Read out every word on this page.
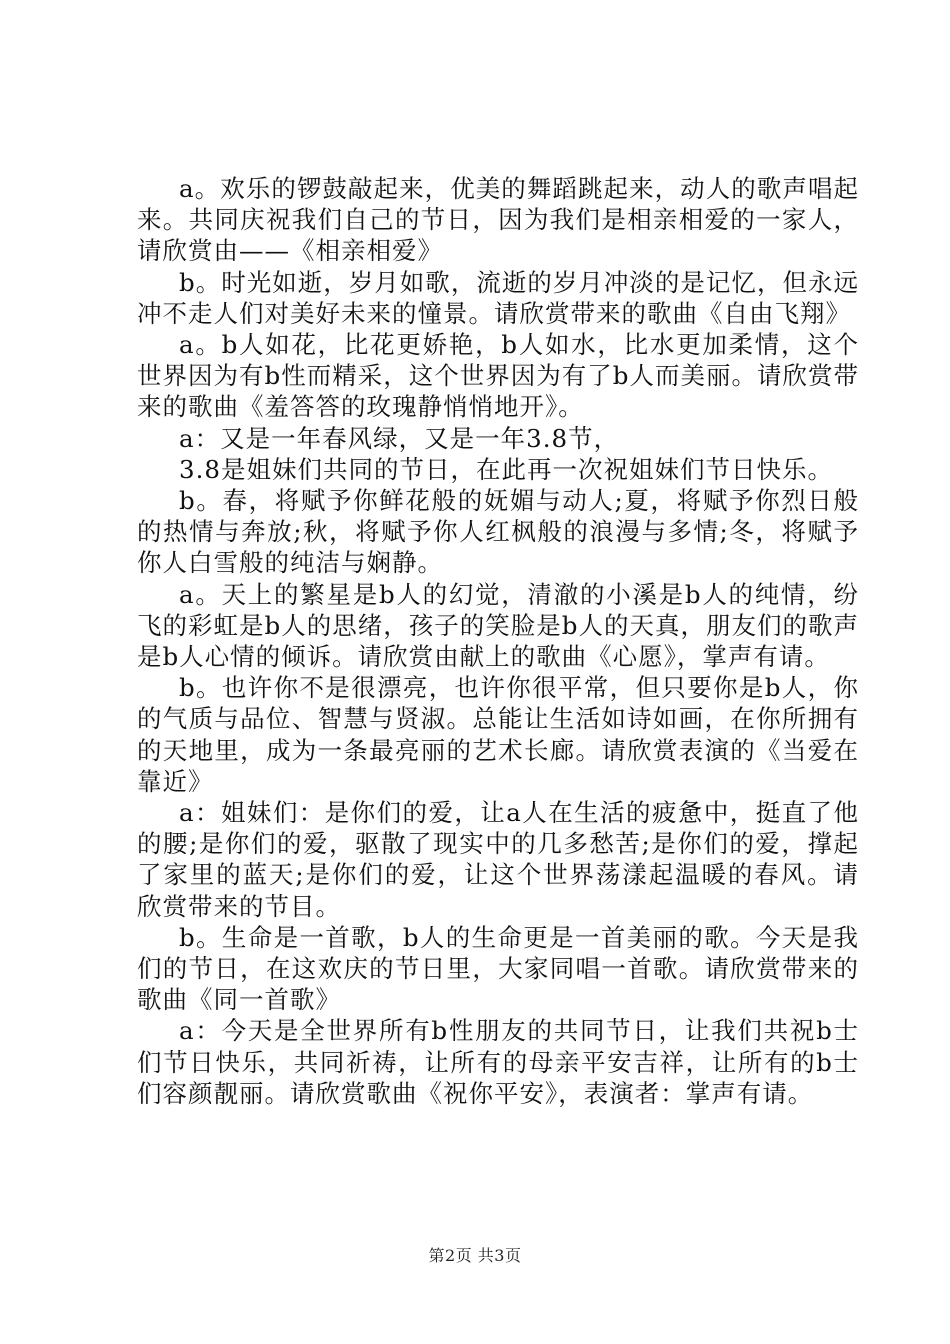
a。欢乐的锣鼓敲起来，优美的舞蹈跳起来，动人的歌声唱起来。共同庆祝我们自己的节日，因为我们是相亲相爱的一家人，请欣赏由——《相亲相爱》

b。时光如逝，岁月如歌，流逝的岁月冲淡的是记忆，但永远冲不走人们对美好未来的憧景。请欣赏带来的歌曲《自由飞翔》

a。b人如花，比花更娇艳，b人如水，比水更加柔情，这个世界因为有b性而精采，这个世界因为有了b人而美丽。请欣赏带来的歌曲《羞答答的玫瑰静悄悄地开》。

a：又是一年春风绿，又是一年3.8节，

3.8是姐妹们共同的节日，在此再一次祝姐妹们节日快乐。

b。春，将赋予你鲜花般的妩媚与动人;夏，将赋予你烈日般的热情与奔放;秋，将赋予你人红枫般的浪漫与多情;冬，将赋予你人白雪般的纯洁与娴静。

a。天上的繁星是b人的幻觉，清澈的小溪是b人的纯情，纷飞的彩虹是b人的思绪，孩子的笑脸是b人的天真，朋友们的歌声是b人心情的倾诉。请欣赏由献上的歌曲《心愿》，掌声有请。

b。也许你不是很漂亮，也许你很平常，但只要你是b人，你的气质与品位、智慧与贤淑。总能让生活如诗如画，在你所拥有的天地里，成为一条最亮丽的艺术长廊。请欣赏表演的《当爱在靠近》

a：姐妹们：是你们的爱，让a人在生活的疲惫中，挺直了他的腰;是你们的爱，驱散了现实中的几多愁苦;是你们的爱，撑起了家里的蓝天;是你们的爱，让这个世界荡漾起温暖的春风。请欣赏带来的节目。

b。生命是一首歌，b人的生命更是一首美丽的歌。今天是我们的节日，在这欢庆的节日里，大家同唱一首歌。请欣赏带来的歌曲《同一首歌》

a：今天是全世界所有b性朋友的共同节日，让我们共祝b士们节日快乐，共同祈祷，让所有的母亲平安吉祥，让所有的b士们容颜靓丽。请欣赏歌曲《祝你平安》，表演者：掌声有请。

第2页 共3页
